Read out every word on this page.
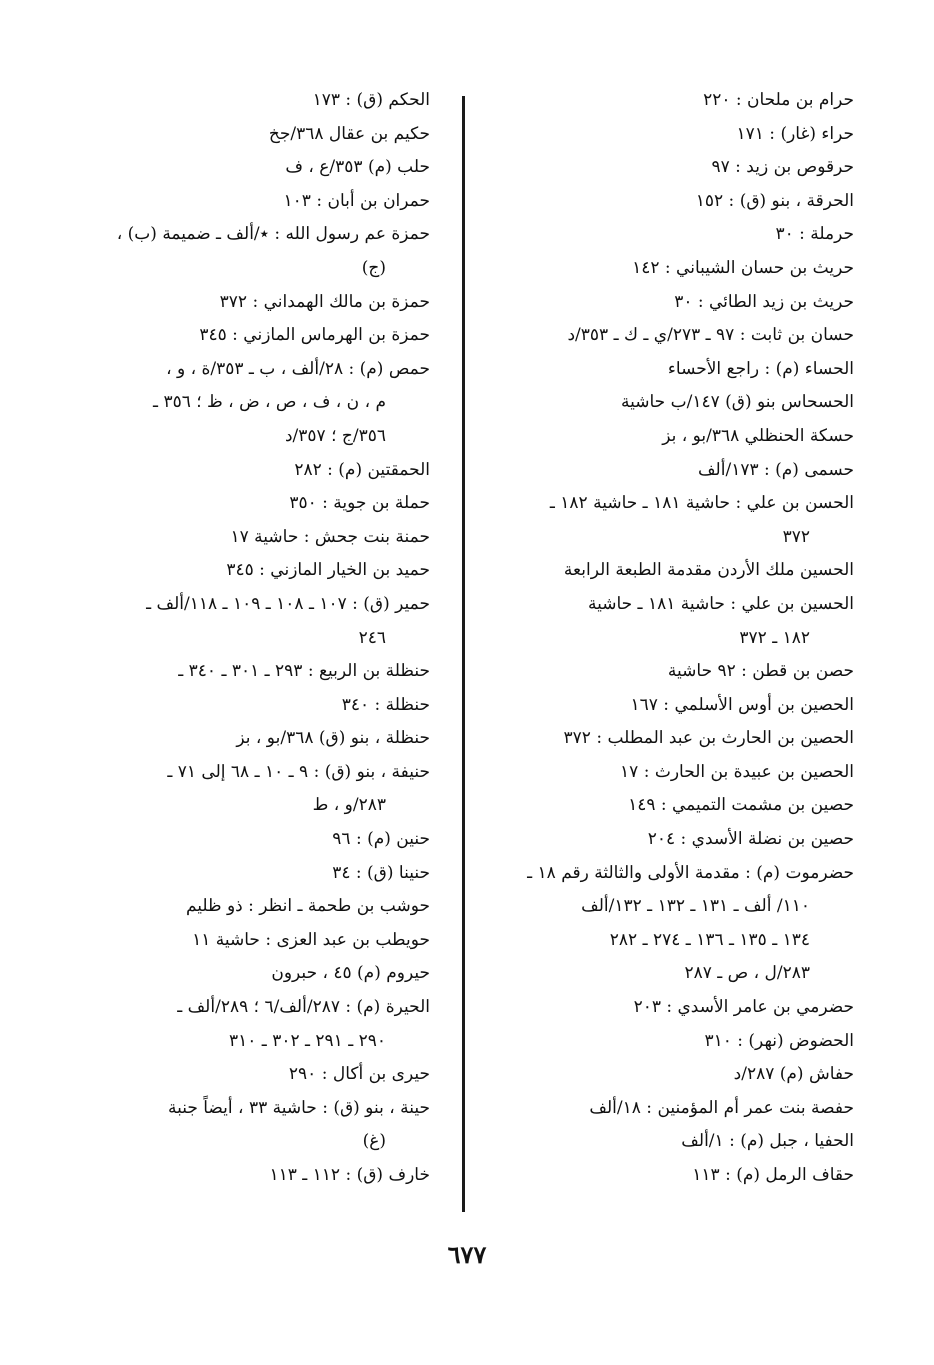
حرام بن ملحان : ٢٢٠
حراء (غار) : ١٧١
حرقوص بن زيد : ٩٧
الحرقة ، بنو (ق) : ١٥٢
حرملة : ٣٠
حريث بن حسان الشيباني : ١٤٢
حريث بن زيد الطائي : ٣٠
حسان بن ثابت : ٩٧ ـ ٢٧٣/ي ـ ك ـ ٣٥٣/د
الحساء (م) : راجع الأحساء
الحسحاس بنو (ق) ١٤٧/ب حاشية
حسكة الحنظلي ٣٦٨/بو ، بز
حسمى (م) : ١٧٣/ألف
الحسن بن علي : حاشية ١٨١ ـ حاشية ١٨٢ ـ
٣٧٢
الحسين ملك الأردن مقدمة الطبعة الرابعة
الحسين بن علي : حاشية ١٨١ ـ حاشية
١٨٢ ـ ٣٧٢
حصن بن قطن : ٩٢ حاشية
الحصين بن أوس الأسلمي : ١٦٧
الحصين بن الحارث بن عبد المطلب : ٣٧٢
الحصين بن عبيدة بن الحارث : ١٧
حصين بن مشمت التميمي : ١٤٩
حصين بن نضلة الأسدي : ٢٠٤
حضرموت (م) : مقدمة الأولى والثالثة رقم ١٨ ـ
١١٠/ ألف ـ ١٣١ ـ ١٣٢ ـ ١٣٢/ألف
١٣٤ ـ ١٣٥ ـ ١٣٦ ـ ٢٧٤ ـ ٢٨٢
٢٨٣/ل ، ص ـ ٢٨٧
حضرمي بن عامر الأسدي : ٢٠٣
الحضوض (نهر) : ٣١٠
حفاش (م) ٢٨٧/د
حفصة بنت عمر أم المؤمنين : ١٨/ألف
الحفيا ، جبل (م) : ١/ألف
حقاف الرمل (م) : ١١٣
الحكم (ق) : ١٧٣
حكيم بن عقال ٣٦٨/جخ
حلب (م) ٣٥٣/ع ، ف
حمران بن أبان : ١٠٣
حمزة عم رسول الله : ٭/ألف ـ ضميمة (ب) ،
(ج)
حمزة بن مالك الهمداني : ٣٧٢
حمزة بن الهرماس المازني : ٣٤٥
حمص (م) : ٢٨/ألف ، ب ـ ٣٥٣/ة ، و ،
م ، ن ، ف ، ص ، ض ، ظ ؛ ٣٥٦ ـ
٣٥٦/ج ؛ ٣٥٧/د
الحمقتين (م) : ٢٨٢
حملة بن جوية : ٣٥٠
حمنة بنت جحش : حاشية ١٧
حميد بن الخيار المازني : ٣٤٥
حمير (ق) : ١٠٧ ـ ١٠٨ ـ ١٠٩ ـ ١١٨/ألف ـ
٢٤٦
حنظلة بن الربيع : ٢٩٣ ـ ٣٠١ ـ ٣٤٠ ـ
حنظلة : ٣٤٠
حنظلة ، بنو (ق) ٣٦٨/بو ، بز
حنيفة ، بنو (ق) : ٩ ـ ١٠ ـ ٦٨ إلى ٧١ ـ
٢٨٣/و ، ط
حنين (م) : ٩٦
حنينا (ق) : ٣٤
حوشب بن طحمة ـ انظر : ذو ظليم
حويطب بن عبد العزى : حاشية ١١
حيروم (م) ٤٥ ، حبرون
الحيرة (م) : ٢٨٧/ألف/٦ ؛ ٢٨٩/ألف ـ
٢٩٠ ـ ٢٩١ ـ ٣٠٢ ـ ٣١٠
حيرى بن أكال : ٢٩٠
حينة ، بنو (ق) : حاشية ٣٣ ، أيضاً جنبة
(غ)
خارف (ق) : ١١٢ ـ ١١٣
٦٧٧
